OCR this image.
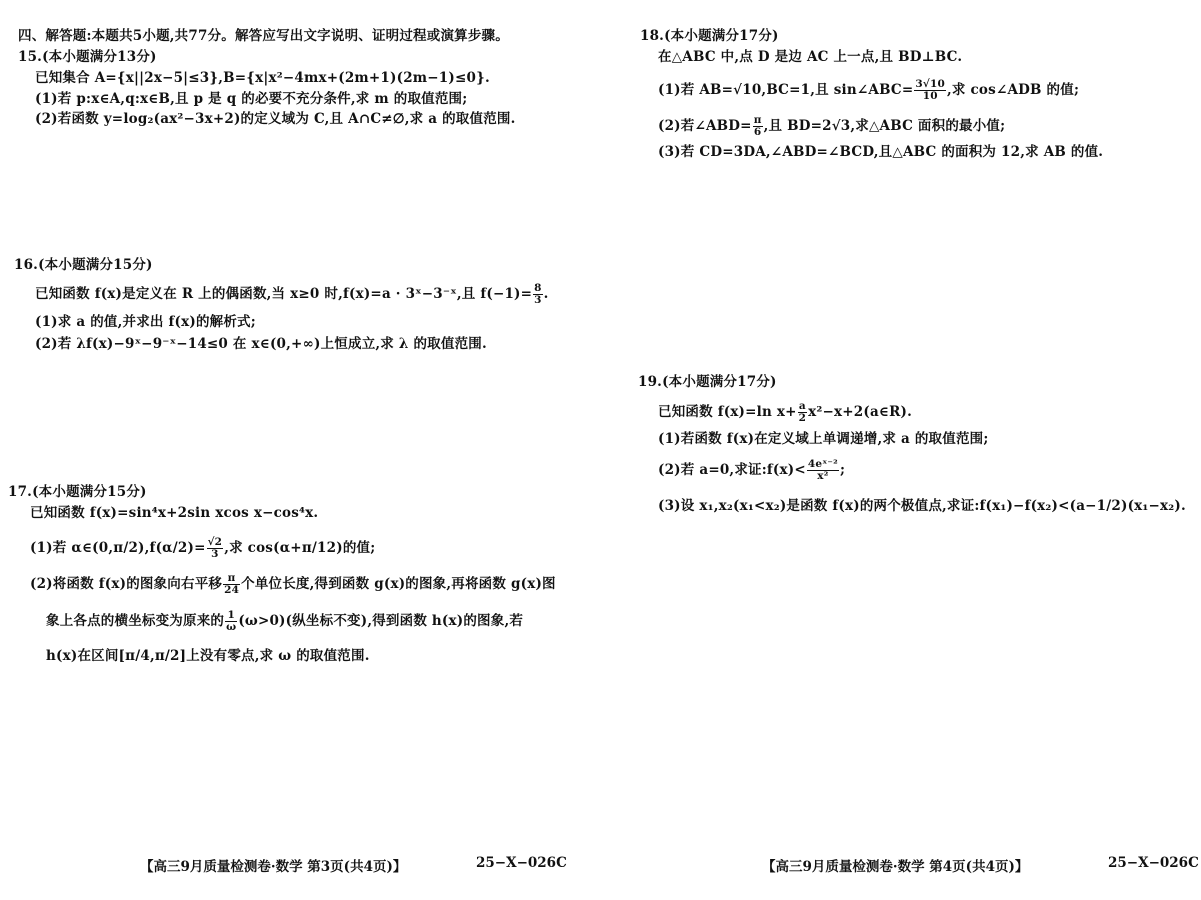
四、解答题:本题共5小题,共77分。解答应写出文字说明、证明过程或演算步骤。
15.(本小题满分13分)
已知集合 A={x||2x−5|≤3},B={x|x²−4mx+(2m+1)(2m−1)≤0}.
(1)若 p:x∈A,q:x∈B,且 p 是 q 的必要不充分条件,求 m 的取值范围;
(2)若函数 y=log₂(ax²−3x+2)的定义域为 C,且 A∩C≠∅,求 a 的取值范围.
16.(本小题满分15分)
已知函数 f(x)是定义在 R 上的偶函数,当 x≥0 时,f(x)=a · 3ˣ−3⁻ˣ,且 $f(-1)= \frac{8}{3}$ .
(1)求 a 的值,并求出 f(x)的解析式;
(2)若 λf(x)−9ˣ−9⁻ˣ−14≤0 在 x∈(0,+∞)上恒成立,求 λ 的取值范围.
17.(本小题满分15分)
已知函数 f(x)=sin⁴x+2sin xcos x−cos⁴x.
(1)若 α∈(0,π/2),f(α/2)= $\frac{√2}{3}$ ,求 cos(α+π/12)的值;
(2)将函数 f(x)的图象向右平移 $\frac{\pi}{24}$ 个单位长度,得到函数 g(x)的图象,再将函数 g(x)图
象上各点的横坐标变为原来的 $\frac{1}{\omega} (\omega>0)$(纵坐标不变),得到函数 h(x)的图象,若
h(x)在区间[π/4,π/2]上没有零点,求 ω 的取值范围.
【高三9月质量检测卷·数学 第3页(共4页)】	25−X−026C
18.(本小题满分17分)
在△ABC 中,点 D 是边 AC 上一点,且 BD⊥BC.
(1)若 AB=√10,BC=1,且 sin∠ABC= $\frac{3√10}{10}$ ,求 cos∠ADB 的值;
(2)若∠ABD= $\frac{\pi}{6}$ ,且 BD=2√3,求△ABC 面积的最小值;
(3)若 CD=3DA,∠ABD=∠BCD,且△ABC 的面积为 12,求 AB 的值.
19.(本小题满分17分)
已知函数 f(x)=ln $x+ \frac{a}{2}$ x²−x+2(a∈R).
(1)若函数 f(x)在定义域上单调递增,求 a 的取值范围;
(2)若 a=0,求证:f(x)< $\frac{\text{4eˣ⁻²}}{\text{x²}}$ ;
(3)设 x₁,x₂(x₁<x₂)是函数 f(x)的两个极值点,求证:f(x₁)−f(x₂)<(a−1/2)(x₁−x₂).
【高三9月质量检测卷·数学 第4页(共4页)】	25−X−026C
